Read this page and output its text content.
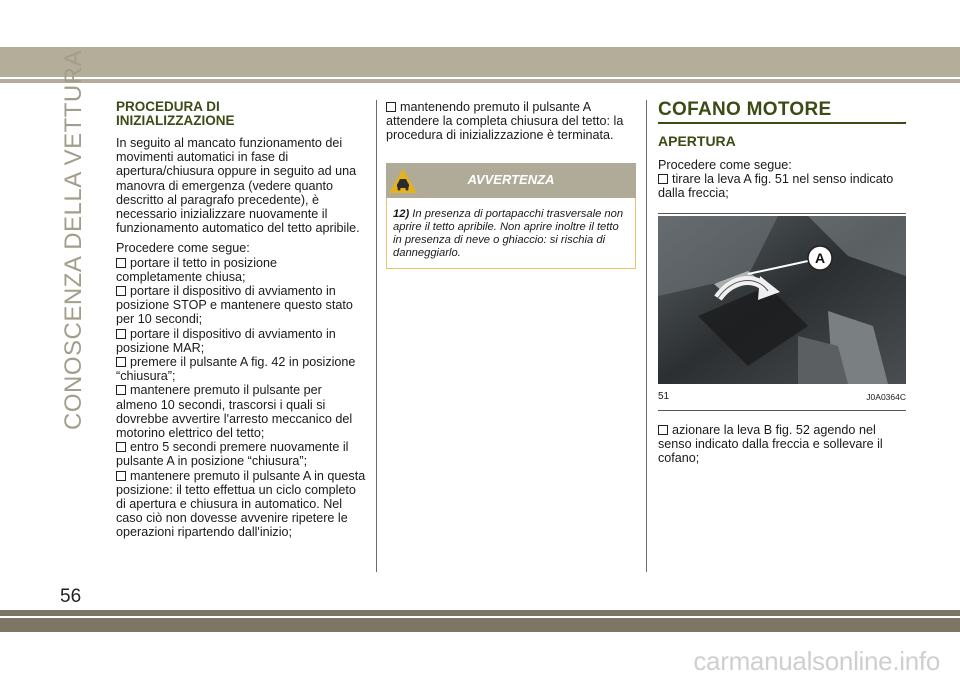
CONOSCENZA DELLA VETTURA PROCEDURA DI
INIZIALIZZAZIONE

In seguito al mancato funzionamento dei movimenti automatici in fase di apertura/chiusura oppure in seguito ad una manovra di emergenza (vedere quanto descritto al paragrafo precedente), è necessario inizializzare nuovamente il funzionamento automatico del tetto apribile.

Procedere come segue:
portare il tetto in posizione completamente chiusa;
portare il dispositivo di avviamento in posizione STOP e mantenere questo stato per 10 secondi;
portare il dispositivo di avviamento in posizione MAR;
premere il pulsante A fig. 42 in posizione “chiusura”;
mantenere premuto il pulsante per almeno 10 secondi, trascorsi i quali si dovrebbe avvertire l'arresto meccanico del motorino elettrico del tetto;
entro 5 secondi premere nuovamente il pulsante A in posizione “chiusura”;
mantenere premuto il pulsante A in questa posizione: il tetto effettua un ciclo completo di apertura e chiusura in automatico. Nel caso ciò non dovesse avvenire ripetere le operazioni ripartendo dall'inizio;
mantenendo premuto il pulsante A attendere la completa chiusura del tetto: la procedura di inizializzazione è terminata.
AVVERTENZA
12) In presenza di portapacchi trasversale non aprire il tetto apribile. Non aprire inoltre il tetto in presenza di neve o ghiaccio: si rischia di danneggiarlo.
COFANO MOTORE
APERTURA
Procedere come segue:
tirare la leva A fig. 51 nel senso indicato dalla freccia;
A
51	J0A0364C
azionare la leva B fig. 52 agendo nel senso indicato dalla freccia e sollevare il cofano;
56
carmanualsonline.info
